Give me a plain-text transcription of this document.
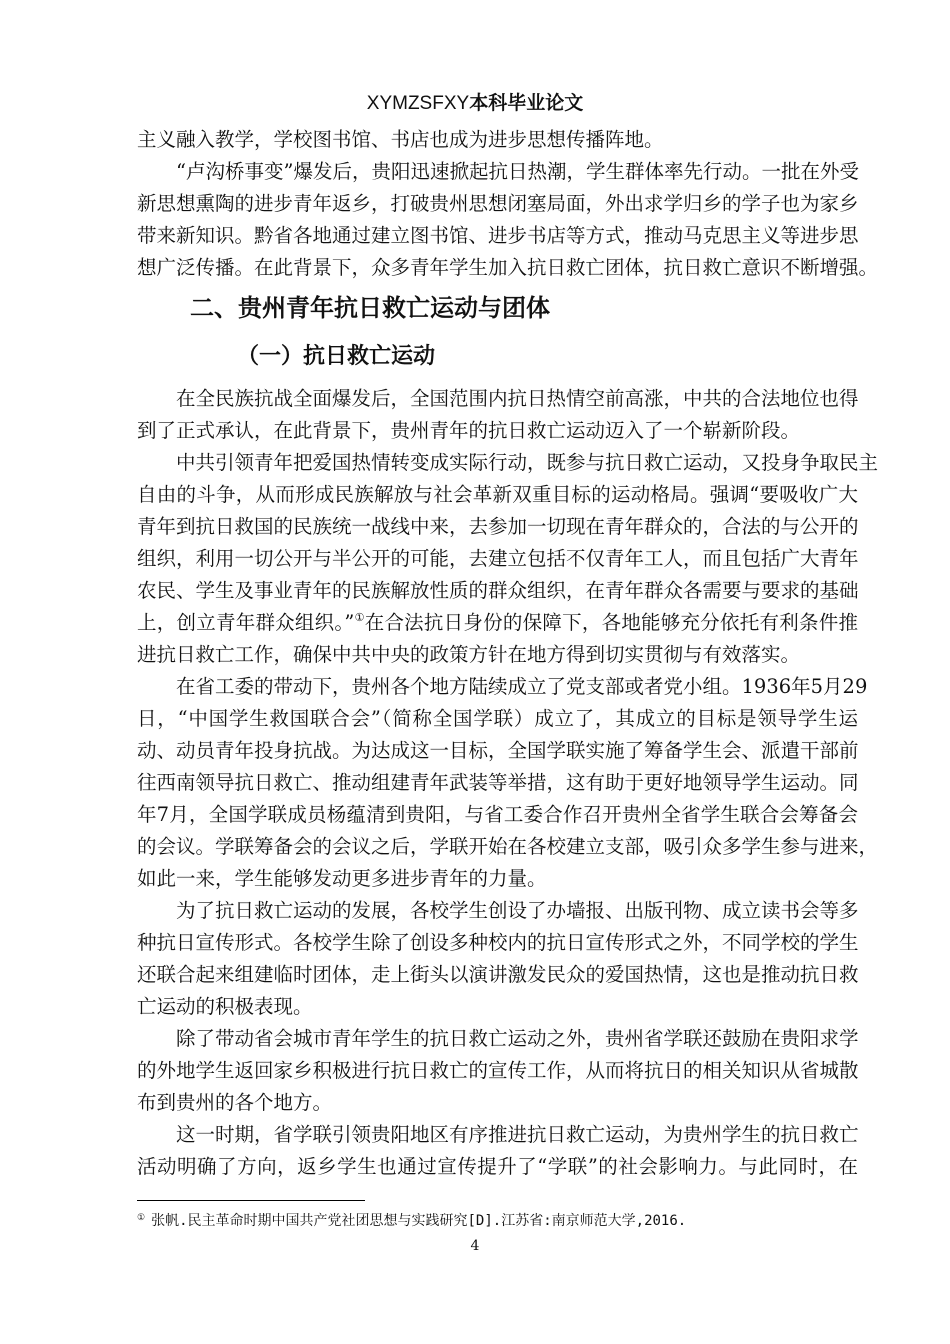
XYMZSFXY本科毕业论文
主义融入教学，学校图书馆、书店也成为进步思想传播阵地。
“卢沟桥事变”爆发后，贵阳迅速掀起抗日热潮，学生群体率先行动。一批在外受
新思想熏陶的进步青年返乡，打破贵州思想闭塞局面，外出求学归乡的学子也为家乡
带来新知识。黔省各地通过建立图书馆、进步书店等方式，推动马克思主义等进步思
想广泛传播。在此背景下，众多青年学生加入抗日救亡团体，抗日救亡意识不断增强。
二、贵州青年抗日救亡运动与团体
（一）抗日救亡运动
在全民族抗战全面爆发后，全国范围内抗日热情空前高涨，中共的合法地位也得
到了正式承认，在此背景下，贵州青年的抗日救亡运动迈入了一个崭新阶段。
中共引领青年把爱国热情转变成实际行动，既参与抗日救亡运动，又投身争取民主
自由的斗争，从而形成民族解放与社会革新双重目标的运动格局。强调“要吸收广大
青年到抗日救国的民族统一战线中来，去参加一切现在青年群众的，合法的与公开的
组织，利用一切公开与半公开的可能，去建立包括不仅青年工人，而且包括广大青年
农民、学生及事业青年的民族解放性质的群众组织，在青年群众各需要与要求的基础
上，创立青年群众组织。”①在合法抗日身份的保障下，各地能够充分依托有利条件推
进抗日救亡工作，确保中共中央的政策方针在地方得到切实贯彻与有效落实。
在省工委的带动下，贵州各个地方陆续成立了党支部或者党小组。1936年5月29
日，“中国学生救国联合会”（简称全国学联）成立了，其成立的目标是领导学生运
动、动员青年投身抗战。为达成这一目标，全国学联实施了筹备学生会、派遣干部前
往西南领导抗日救亡、推动组建青年武装等举措，这有助于更好地领导学生运动。同
年7月，全国学联成员杨蕴清到贵阳，与省工委合作召开贵州全省学生联合会筹备会
的会议。学联筹备会的会议之后，学联开始在各校建立支部，吸引众多学生参与进来，
如此一来，学生能够发动更多进步青年的力量。
为了抗日救亡运动的发展，各校学生创设了办墙报、出版刊物、成立读书会等多
种抗日宣传形式。各校学生除了创设多种校内的抗日宣传形式之外，不同学校的学生
还联合起来组建临时团体，走上街头以演讲激发民众的爱国热情，这也是推动抗日救
亡运动的积极表现。
除了带动省会城市青年学生的抗日救亡运动之外，贵州省学联还鼓励在贵阳求学
的外地学生返回家乡积极进行抗日救亡的宣传工作，从而将抗日的相关知识从省城散
布到贵州的各个地方。
这一时期，省学联引领贵阳地区有序推进抗日救亡运动，为贵州学生的抗日救亡
活动明确了方向，返乡学生也通过宣传提升了“学联”的社会影响力。与此同时，在
① 张帆.民主革命时期中国共产党社团思想与实践研究[D].江苏省:南京师范大学,2016.
4
